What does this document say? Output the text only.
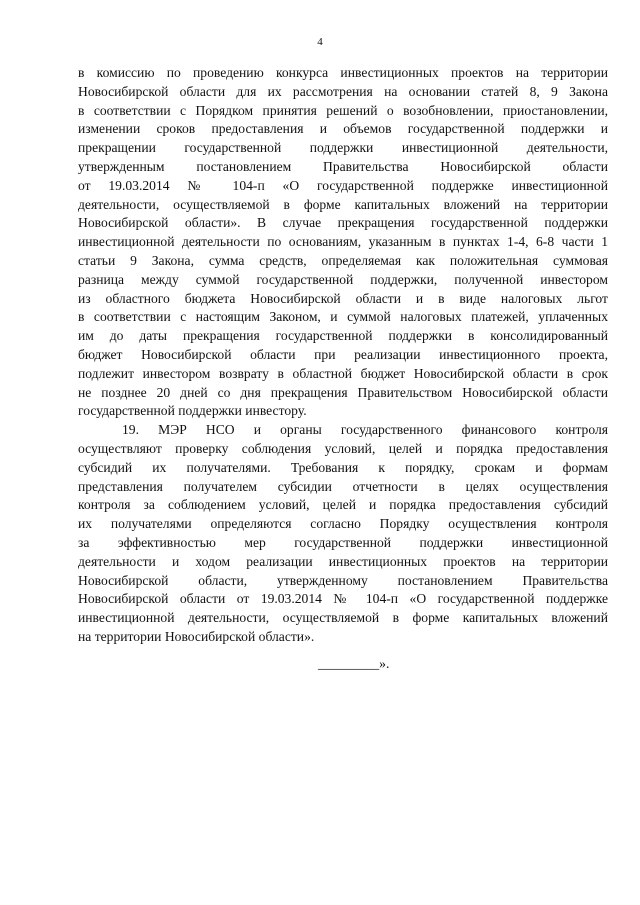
4
в комиссию по проведению конкурса инвестиционных проектов на территории
Новосибирской области для их рассмотрения на основании статей 8, 9 Закона
в соответствии с Порядком принятия решений о возобновлении, приостановлении,
изменении сроков предоставления и объемов государственной поддержки и
прекращении государственной поддержки инвестиционной деятельности,
утвержденным постановлением Правительства Новосибирской области
от 19.03.2014 № 104-п «О государственной поддержке инвестиционной
деятельности, осуществляемой в форме капитальных вложений на территории
Новосибирской области». В случае прекращения государственной поддержки
инвестиционной деятельности по основаниям, указанным в пунктах 1-4, 6-8 части 1
статьи 9 Закона, сумма средств, определяемая как положительная суммовая
разница между суммой государственной поддержки, полученной инвестором
из областного бюджета Новосибирской области и в виде налоговых льгот
в соответствии с настоящим Законом, и суммой налоговых платежей, уплаченных
им до даты прекращения государственной поддержки в консолидированный
бюджет Новосибирской области при реализации инвестиционного проекта,
подлежит инвестором возврату в областной бюджет Новосибирской области в срок
не позднее 20 дней со дня прекращения Правительством Новосибирской области
государственной поддержки инвестору.
19. МЭР НСО и органы государственного финансового контроля
осуществляют проверку соблюдения условий, целей и порядка предоставления
субсидий их получателями. Требования к порядку, срокам и формам
представления получателем субсидии отчетности в целях осуществления
контроля за соблюдением условий, целей и порядка предоставления субсидий
их получателями определяются согласно Порядку осуществления контроля
за эффективностью мер государственной поддержки инвестиционной
деятельности и ходом реализации инвестиционных проектов на территории
Новосибирской области, утвержденному постановлением Правительства
Новосибирской области от 19.03.2014 № 104-п «О государственной поддержке
инвестиционной деятельности, осуществляемой в форме капитальных вложений
на территории Новосибирской области».
_________».
